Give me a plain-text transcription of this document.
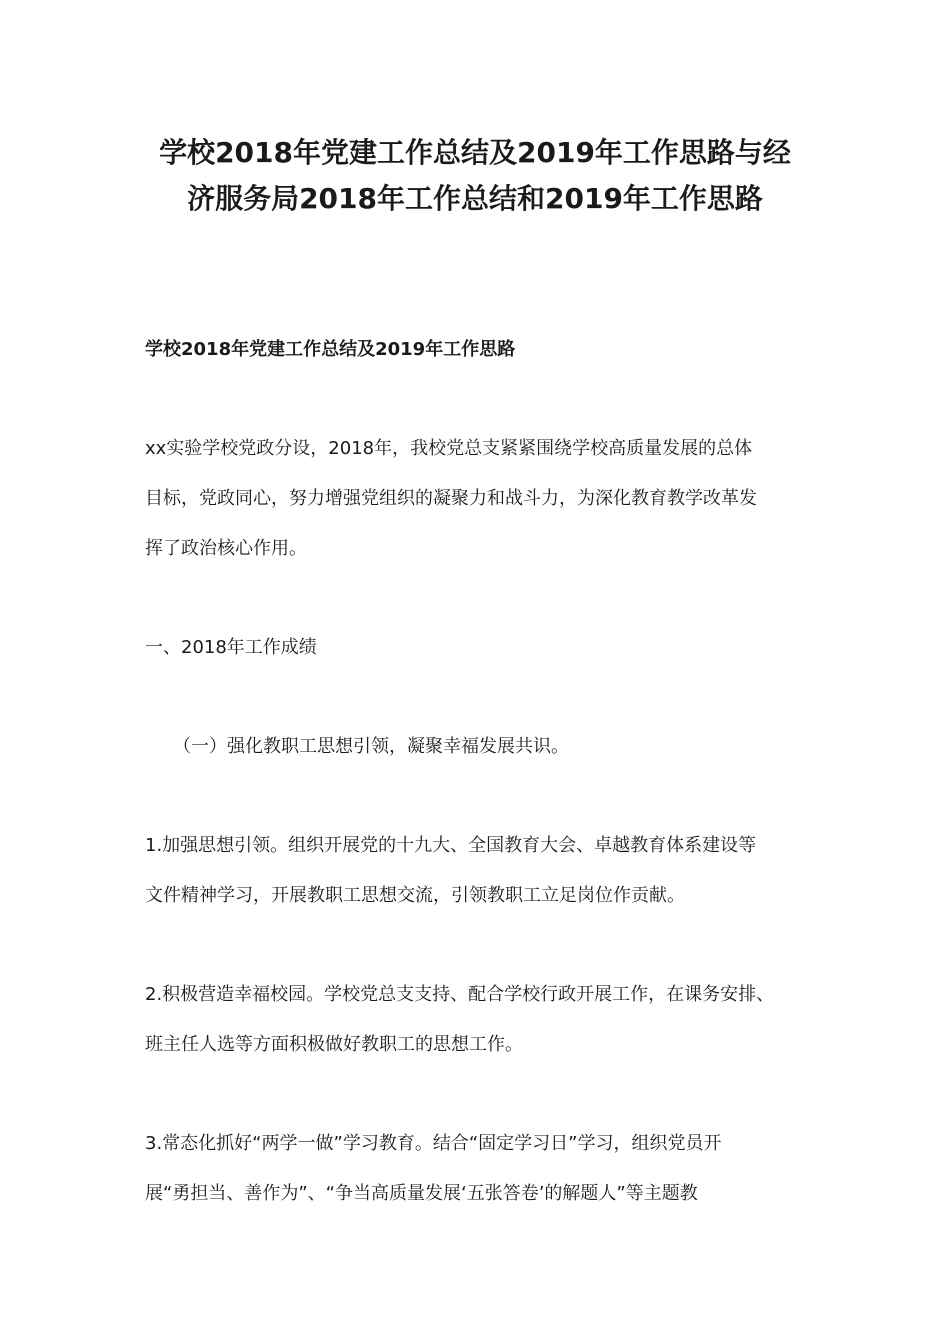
学校2018年党建工作总结及2019年工作思路与经
济服务局2018年工作总结和2019年工作思路
学校2018年党建工作总结及2019年工作思路

xx实验学校党政分设，2018年，我校党总支紧紧围绕学校高质量发展的总体
目标，党政同心，努力增强党组织的凝聚力和战斗力，为深化教育教学改革发
挥了政治核心作用。

一、2018年工作成绩

（一）强化教职工思想引领，凝聚幸福发展共识。

1.加强思想引领。组织开展党的十九大、全国教育大会、卓越教育体系建设等
文件精神学习，开展教职工思想交流，引领教职工立足岗位作贡献。

2.积极营造幸福校园。学校党总支支持、配合学校行政开展工作，在课务安排、
班主任人选等方面积极做好教职工的思想工作。

3.常态化抓好“两学一做”学习教育。结合“固定学习日”学习，组织党员开
展“勇担当、善作为”、“争当高质量发展‘五张答卷’的解题人”等主题教
